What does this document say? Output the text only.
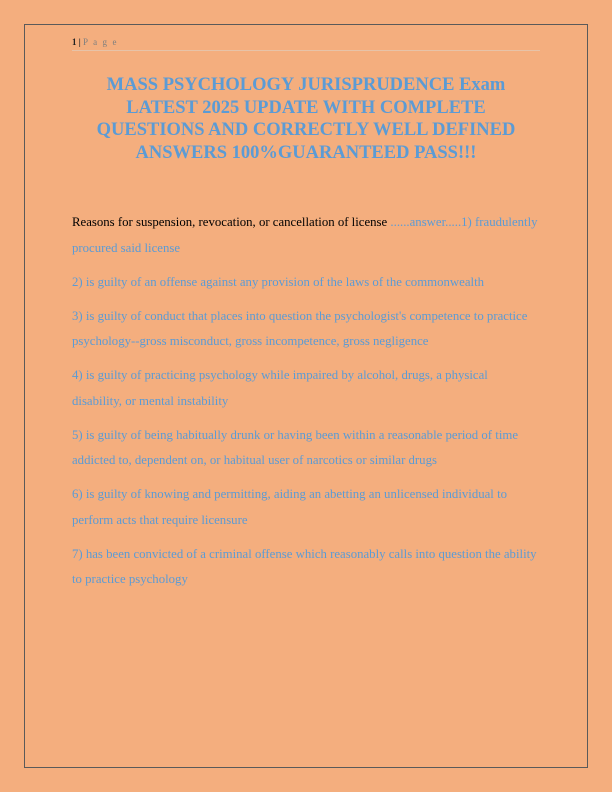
1 | P a g e
MASS PSYCHOLOGY JURISPRUDENCE Exam LATEST 2025 UPDATE WITH COMPLETE QUESTIONS AND CORRECTLY WELL DEFINED ANSWERS 100%GUARANTEED PASS!!!

Reasons for suspension, revocation, or cancellation of license ......answer.....1) fraudulently procured said license

2) is guilty of an offense against any provision of the laws of the commonwealth

3) is guilty of conduct that places into question the psychologist's competence to practice psychology--gross misconduct, gross incompetence, gross negligence

4) is guilty of practicing psychology while impaired by alcohol, drugs, a physical disability, or mental instability

5) is guilty of being habitually drunk or having been within a reasonable period of time addicted to, dependent on, or habitual user of narcotics or similar drugs

6) is guilty of knowing and permitting, aiding an abetting an unlicensed individual to perform acts that require licensure

7) has been convicted of a criminal offense which reasonably calls into question the ability to practice psychology
